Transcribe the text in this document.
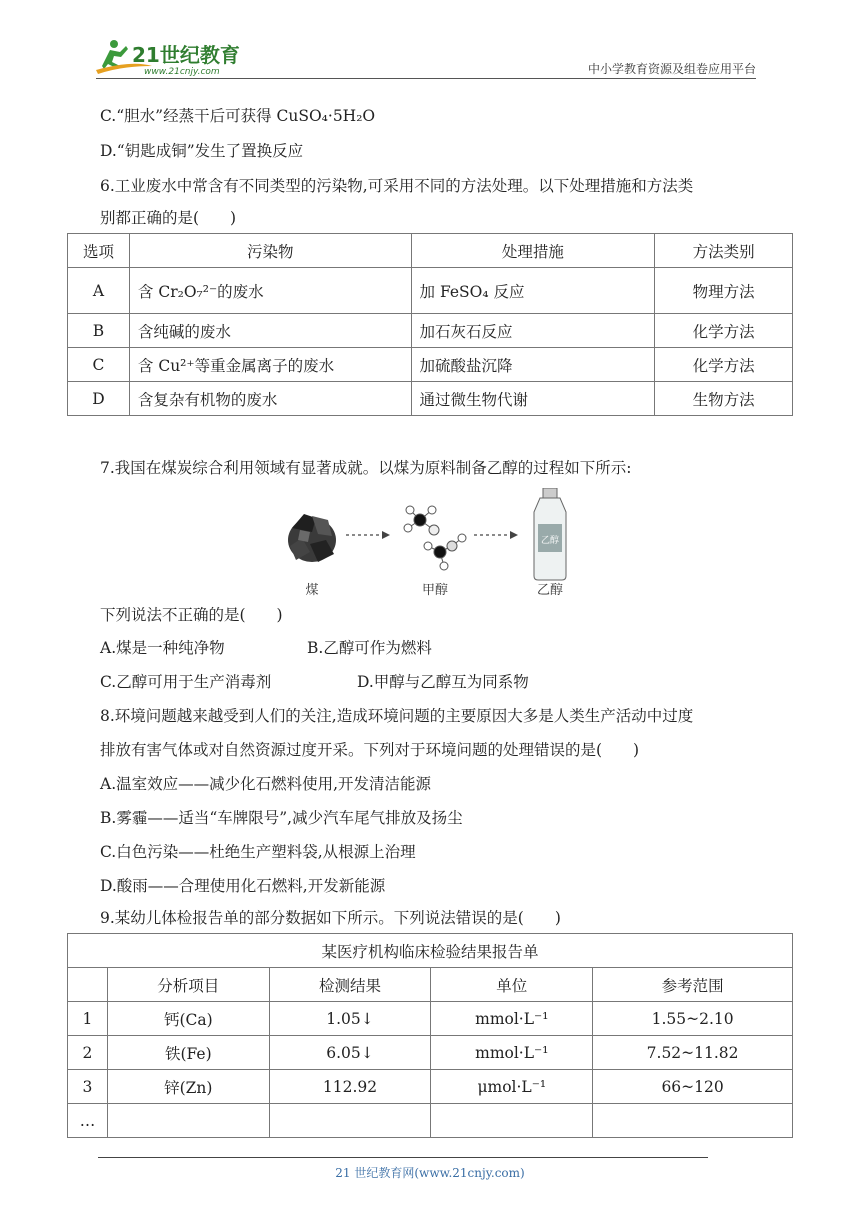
21世纪教育
www.21cnjy.com	中小学教育资源及组卷应用平台
C.“胆水”经蒸干后可获得 CuSO₄·5H₂O
D.“钥匙成铜”发生了置换反应
6.工业废水中常含有不同类型的污染物,可采用不同的方法处理。以下处理措施和方法类
别都正确的是(　　)
选项	污染物	处理措施	方法类别
A	含 Cr₂O₇²⁻的废水	加 FeSO₄ 反应	物理方法
B	含纯碱的废水	加石灰石反应	化学方法
C	含 Cu²⁺等重金属离子的废水	加硫酸盐沉降	化学方法
D	含复杂有机物的废水	通过微生物代谢	生物方法
7.我国在煤炭综合利用领域有显著成就。以煤为原料制备乙醇的过程如下所示:
乙醇
煤	甲醇	乙醇
下列说法不正确的是(　　)
A.煤是一种纯净物	B.乙醇可作为燃料
C.乙醇可用于生产消毒剂	D.甲醇与乙醇互为同系物
8.环境问题越来越受到人们的关注,造成环境问题的主要原因大多是人类生产活动中过度
排放有害气体或对自然资源过度开采。下列对于环境问题的处理错误的是(　　)
A.温室效应——减少化石燃料使用,开发清洁能源
B.雾霾——适当“车牌限号”,减少汽车尾气排放及扬尘
C.白色污染——杜绝生产塑料袋,从根源上治理
D.酸雨——合理使用化石燃料,开发新能源
9.某幼儿体检报告单的部分数据如下所示。下列说法错误的是(　　)
某医疗机构临床检验结果报告单				
	分析项目	检测结果	单位	参考范围
1	钙(Ca)	1.05↓	mmol·L⁻¹	1.55~2.10
2	铁(Fe)	6.05↓	mmol·L⁻¹	7.52~11.82
3	锌(Zn)	112.92	μmol·L⁻¹	66~120
…				
21 世纪教育网(www.21cnjy.com)
